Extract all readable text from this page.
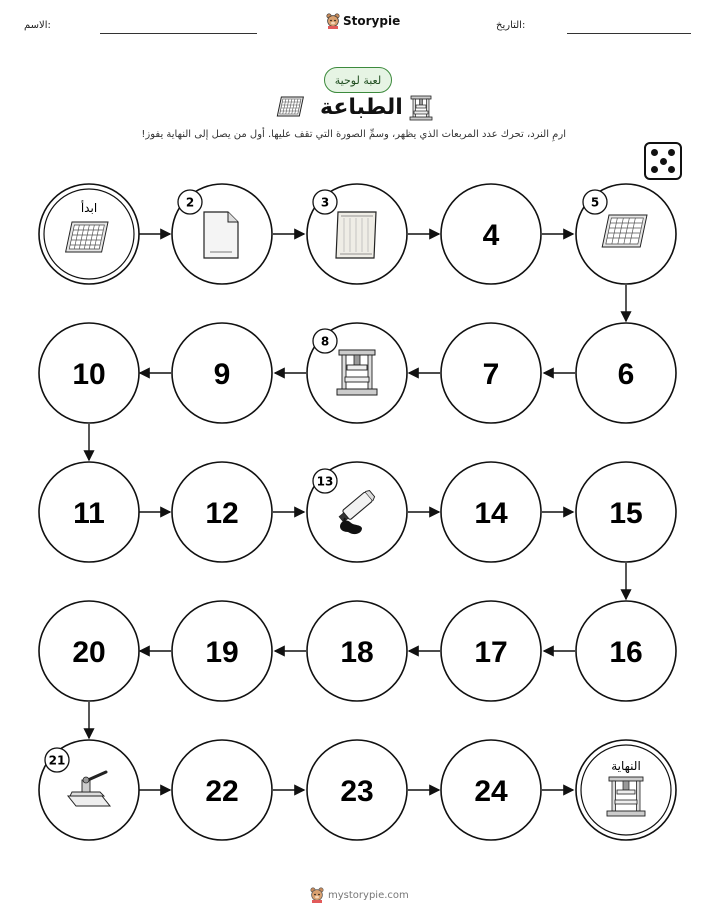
الاسم:	Storypie	التاريخ:
لعبة لوحية
الطباعة
ارمِ النرد، تحرك عدد المربعات الذي يظهر، وسمِّ الصورة التي تقف عليها. أول من يصل إلى النهاية يفوز!
ابدأ	2	3
4
5
10	9
8
7	6
11	12
13
14	15
20	19	18	17	16
21
22	23	24
النهاية
mystorypie.com
